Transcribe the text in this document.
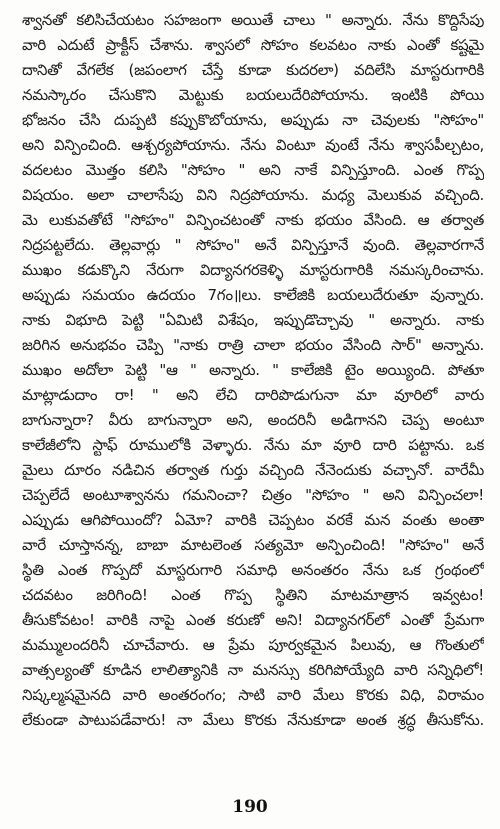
శ్వానతో కలిసిచేయటం సహజంగా అయితే చాలు " అన్నారు. నేను కొద్దిసేపు
వారి ఎదుటే ప్రాక్టీస్ చేశాను. శ్వాసలో సోహం కలవటం నాకు ఎంతో కష్టమై
దానితో వేగలేక (జపంలాగ చేస్తే కూడా కుదరలా) వదిలేసి మాస్టరుగారికి
నమస్కారం చేసుకొని మెట్టుకు బయలుదేరిపోయాను. ఇంటికి పోయి
భోజనం చేసి దుప్పటి కప్పుకొబోయాను, అప్పుడు నా చెవులకు "సోహం"
అని విన్పించింది. ఆశ్చర్యపోయాను. నేను వింటూ వుంటే నేను శ్వాసపీల్చటం,
వదలటం మొత్తం కలిసి "సోహం " అని నాకే విన్పిస్తూంది. ఎంత గొప్ప
విషయం. అలా చాలాసేపు విని నిద్రపోయాను. మధ్య మెలుకువ వచ్చింది.
మె లుకువతోటే "సోహం" విన్పించటంతో నాకు భయం వేసింది. ఆ తర్వాత
నిద్రపట్టలేదు. తెల్లవార్లు " సోహం" అనే విన్పిస్తూనే వుంది. తెల్లవారగానే
ముఖం కడుక్కొని నేరుగా విద్యానగరకెళ్ళి మాస్టరుగారికి నమస్కరించాను.
అప్పుడు సమయం ఉదయం 7గం॥లు. కాలేజికి బయలుదేరుతూ వున్నారు.
నాకు విభూది పెట్టి "ఏమిటి విశేషం, ఇప్పుడొచ్చావు " అన్నారు. నాకు
జరిగిన అనుభవం చెప్పి "నాకు రాత్రి చాలా భయం వేసింది సార్" అన్నాను.
ముఖం అదోలా పెట్టి "ఆ " అన్నారు. " కాలేజికి టైం అయ్యింది. పోతూ
మాట్లాడుదాం రా! " అని లేచి దారిపొడుగునా మా వూరిలో వారు
బాగున్నారా? వీరు బాగున్నారా అని, అందరినీ అడిగానని చెప్ప అంటూ
కాలేజీలోని స్టాఫ్ రూములోకి వెళ్ళారు. నేను మా వూరి దారి పట్టాను. ఒక
మైలు దూరం నడిచిన తర్వాత గుర్తు వచ్చింది నేనెందుకు వచ్చానో. వారేమీ
చెప్పలేదే అంటూశ్వానను గమనించా? చిత్రం "సోహం " అని విన్పించలా!
ఎప్పుడు ఆగిపోయిందో? ఏమో? వారికి చెప్పటం వరకే మన వంతు అంతా
వారే చూస్తానన్న, బాబా మాటలెంత సత్యమో అన్పించింది! "సోహం" అనే
స్థితి ఎంత గొప్పదో మాస్టరుగారి సమాధి అనంతరం నేను ఒక గ్రంథంలో
చదవటం జరిగింది! ఎంత గొప్ప స్థితిని మాటమాత్రాన ఇవ్వటం!
తీసుకోవటం! వారికి నాపై ఎంత కరుణో అని! విద్యానగర్‌లో ఎంతో ప్రేమగా
మమ్ములందరినీ చూచేవారు. ఆ ప్రేమ పూర్వకమైన పిలువు, ఆ గొంతులో
వాత్సల్యంతో కూడిన లాలిత్యానికి నా మనస్సు కరిగిపోయ్యేది వారి సన్నిధిలో!
నిష్కల్మషమైనది వారి అంతరంగం; సాటి వారి మేలు కొరకు విధి, విరామం
లేకుండా పాటుపడేవారు! నా మేలు కొరకు నేనుకూడా అంత శ్రద్ధ తీసుకోను.
190
